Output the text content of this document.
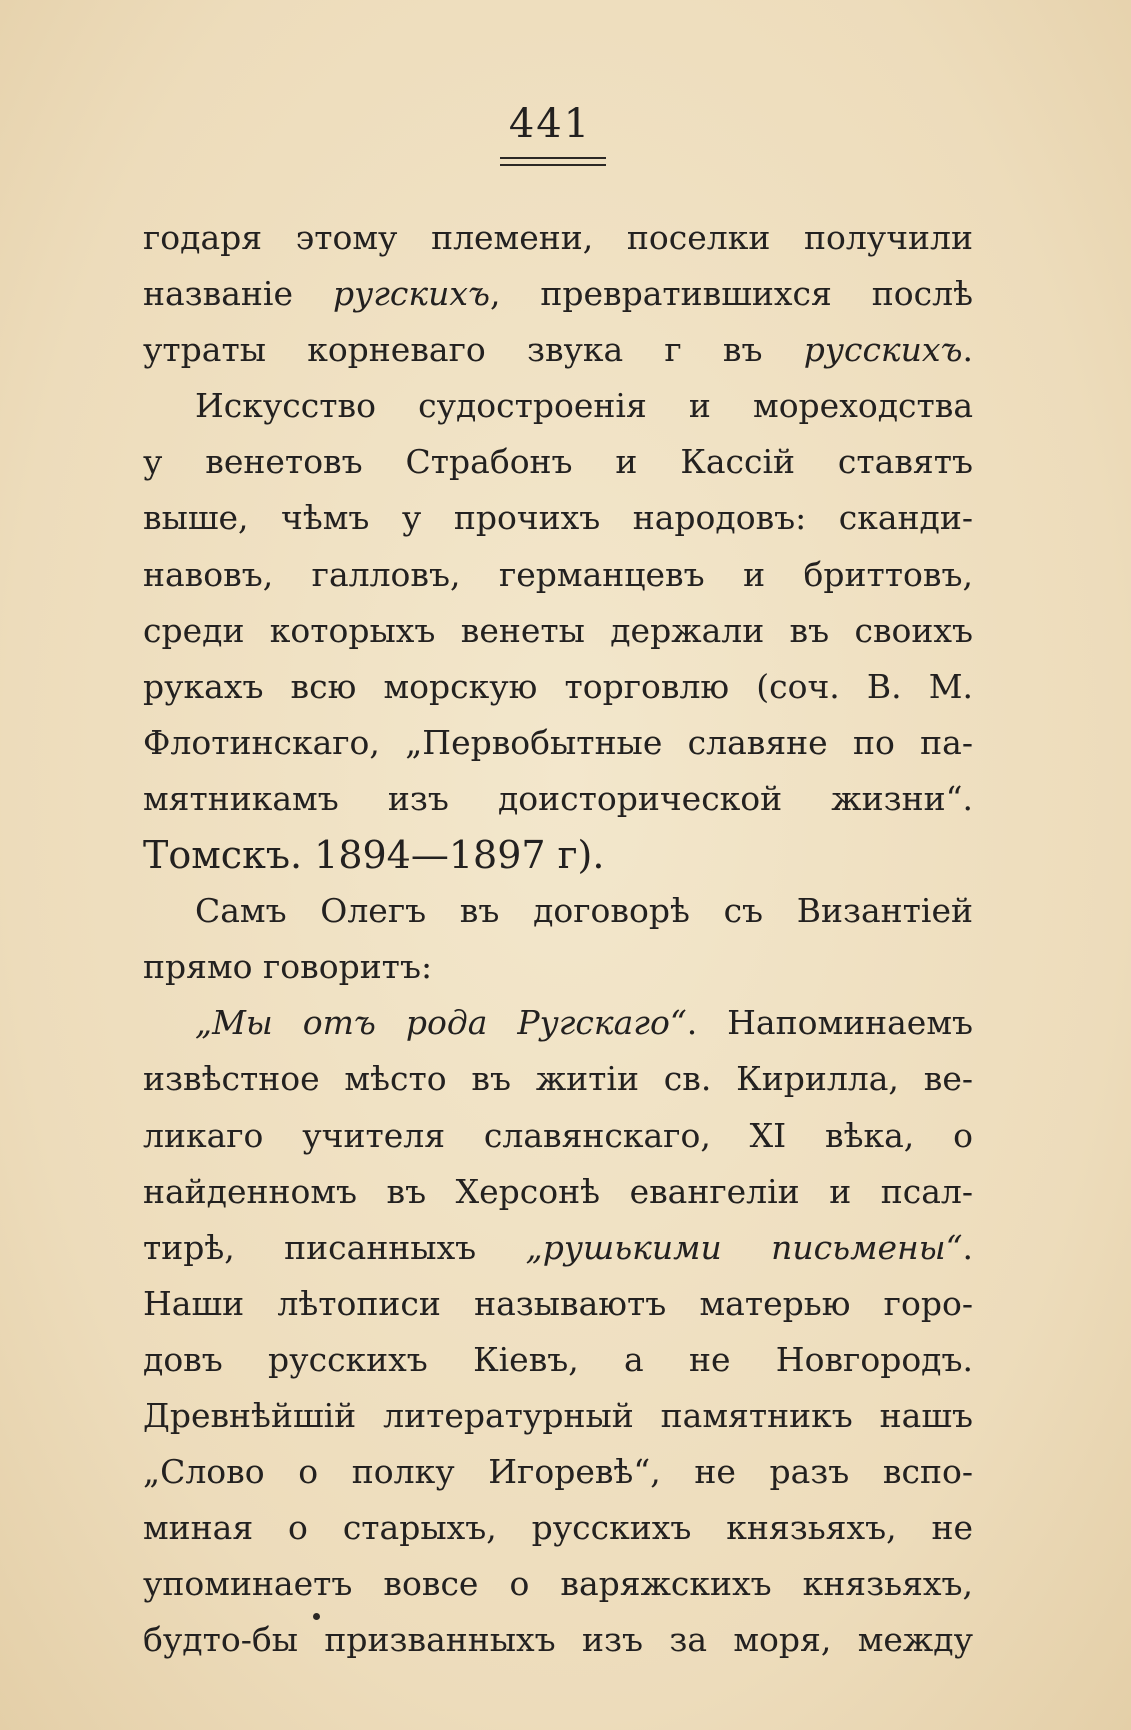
441
годаря этому племени, поселки получили
названіе ругскихъ, превратившихся послѣ
утраты корневаго звука г въ русскихъ.
Искусство судостроенія и мореходства
у венетовъ Страбонъ и Кассій ставятъ
выше, чѣмъ у прочихъ народовъ: сканди-
навовъ, галловъ, германцевъ и бриттовъ,
среди которыхъ венеты держали въ своихъ
рукахъ всю морскую торговлю (соч. В. М.
Флотинскаго, „Первобытные славяне по па-
мятникамъ изъ доисторической жизни“.
Томскъ. 1894—1897 г).
Самъ Олегъ въ договорѣ съ Византіей
прямо говоритъ:
„Мы отъ рода Ругскаго“. Напоминаемъ
извѣстное мѣсто въ житіи св. Кирилла, ве-
ликаго учителя славянскаго, XI вѣка, о
найденномъ въ Херсонѣ евангеліи и псал-
тирѣ, писанныхъ „рушькими письмены“.
Наши лѣтописи называютъ матерью горо-
довъ русскихъ Кіевъ, а не Новгородъ.
Древнѣйшій литературный памятникъ нашъ
„Слово о полку Игоревѣ“, не разъ вспо-
миная о старыхъ, русскихъ князьяхъ, не
упоминаетъ вовсе о варяжскихъ князьяхъ,
будто-бы призванныхъ изъ за моря, между
